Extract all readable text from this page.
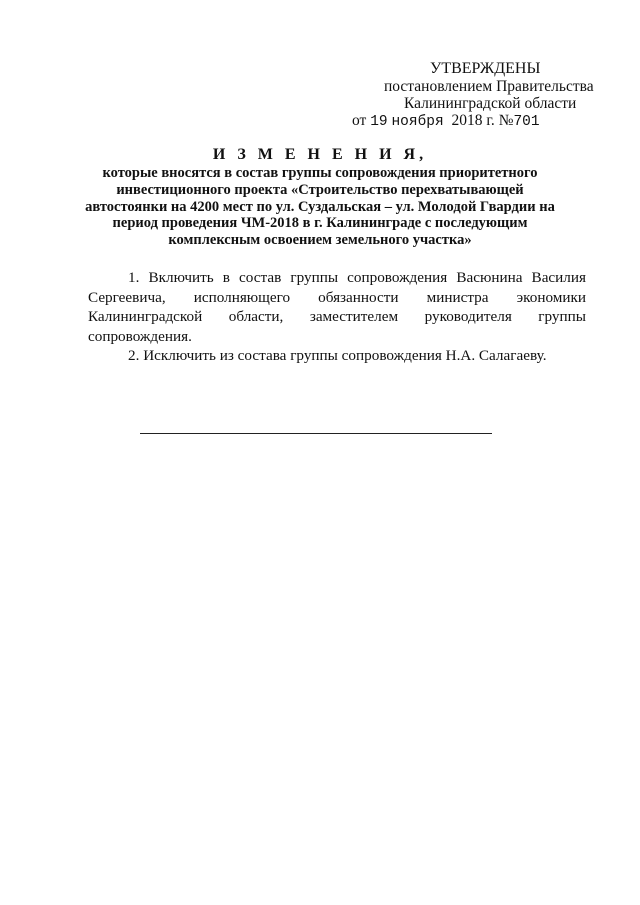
УТВЕРЖДЕНЫ
постановлением Правительства
Калининградской области
от 19 ноября 2018 г. №701
И З М Е Н Е Н И Я,
которые вносятся в состав группы сопровождения приоритетного
инвестиционного проекта «Строительство перехватывающей
автостоянки на 4200 мест по ул. Суздальская – ул. Молодой Гвардии на
период проведения ЧМ-2018 в г. Калининграде с последующим
комплексным освоением земельного участка»

1. Включить в состав группы сопровождения Васюнина Василия Сергеевича, исполняющего обязанности министра экономики Калининградской области, заместителем руководителя группы сопровождения.

2. Исключить из состава группы сопровождения Н.А. Салагаеву.
